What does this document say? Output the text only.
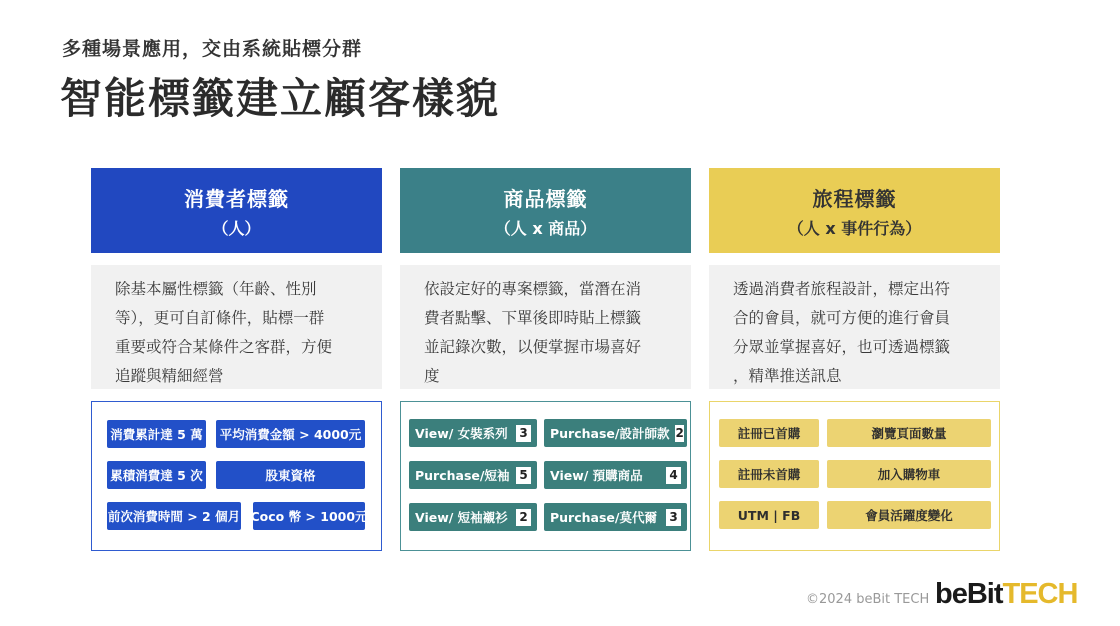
多種場景應用，交由系統貼標分群
智能標籤建立顧客樣貌
消費者標籤
（人）
除基本屬性標籤（年齡、性別
等），更可自訂條件，貼標一群
重要或符合某條件之客群，方便
追蹤與精細經營
消費累計達 5 萬	平均消費金額 > 4000元
累積消費達 5 次	股東資格
前次消費時間 > 2 個月 Coco 幣 > 1000元
商品標籤
（人 x 商品）
依設定好的專案標籤，當潛在消
費者點擊、下單後即時貼上標籤
並記錄次數，以便掌握市場喜好
度
View/ 女裝系列 3 Purchase/設計師款 2
Purchase/短袖 5 View/ 預購商品 4
View/ 短袖襯衫 2 Purchase/莫代爾 3
旅程標籤
（人 x 事件行為）
透過消費者旅程設計，標定出符
合的會員，就可方便的進行會員
分眾並掌握喜好，也可透過標籤
，精準推送訊息
註冊已首購	瀏覽頁面數量
註冊未首購	加入購物車
UTM | FB	會員活躍度變化
©2024 beBit TECH beBitTECH
